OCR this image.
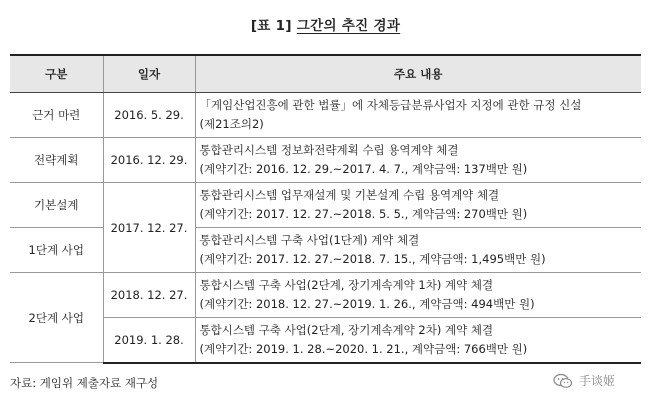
[표 1] 그간의 추진 경과
구분	일자	주요 내용
근거 마련	2016. 5. 29.	「게임산업진흥에 관한 법률」에 자체등급분류사업자 지정에 관한 규정 신설
(제21조의2)

전략계획	2016. 12. 29.	통합관리시스템 정보화전략계획 수립 용역계약 체결
(계약기간: 2016. 12. 29.~2017. 4. 7., 계약금액: 137백만 원)

기본설계	2017. 12. 27.	통합관리시스템 업무재설계 및 기본설계 수립 용역계약 체결
(계약기간: 2017. 12. 27.~2018. 5. 5., 계약금액: 270백만 원)

1단계 사업		통합관리시스템 구축 사업(1단계) 계약 체결
(계약기간: 2017. 12. 27.~2018. 7. 15., 계약금액: 1,495백만 원)

2단계 사업	2018. 12. 27.	통합시스템 구축 사업(2단계, 장기계속계약 1차) 계약 체결
(계약기간: 2018. 12. 27.~2019. 1. 26., 계약금액: 494백만 원)

	2019. 1. 28.	통합시스템 구축 사업(2단계, 장기계속계약 2차) 계약 체결
(계약기간: 2019. 1. 28.~2020. 1. 21., 계약금액: 766백만 원)
자료: 게임위 제출자료 재구성	手谈姬
